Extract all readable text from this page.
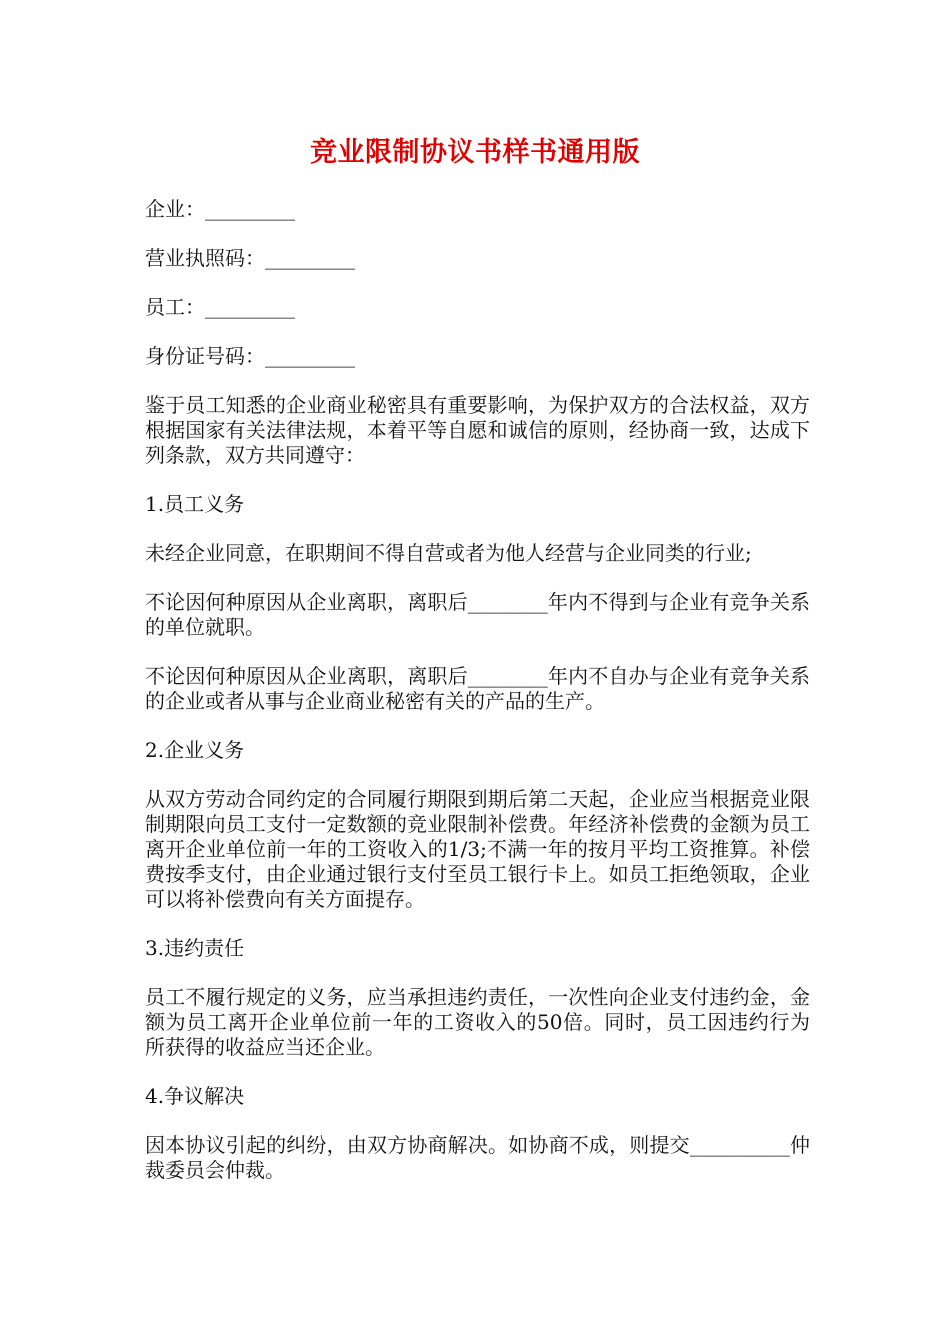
竞业限制协议书样书通用版
企业：_________
营业执照码：_________
员工：_________
身份证号码：_________

鉴于员工知悉的企业商业秘密具有重要影响，为保护双方的合法权益，双方根据国家有关法律法规，本着平等自愿和诚信的原则，经协商一致，达成下列条款，双方共同遵守：

1.员工义务

未经企业同意，在职期间不得自营或者为他人经营与企业同类的行业;

不论因何种原因从企业离职，离职后________年内不得到与企业有竞争关系的单位就职。

不论因何种原因从企业离职，离职后________年内不自办与企业有竞争关系的企业或者从事与企业商业秘密有关的产品的生产。

2.企业义务

从双方劳动合同约定的合同履行期限到期后第二天起，企业应当根据竞业限制期限向员工支付一定数额的竞业限制补偿费。年经济补偿费的金额为员工离开企业单位前一年的工资收入的1/3;不满一年的按月平均工资推算。补偿费按季支付，由企业通过银行支付至员工银行卡上。如员工拒绝领取，企业可以将补偿费向有关方面提存。

3.违约责任

员工不履行规定的义务，应当承担违约责任，一次性向企业支付违约金，金额为员工离开企业单位前一年的工资收入的50倍。同时，员工因违约行为所获得的收益应当还企业。

4.争议解决

因本协议引起的纠纷，由双方协商解决。如协商不成，则提交__________仲裁委员会仲裁。
